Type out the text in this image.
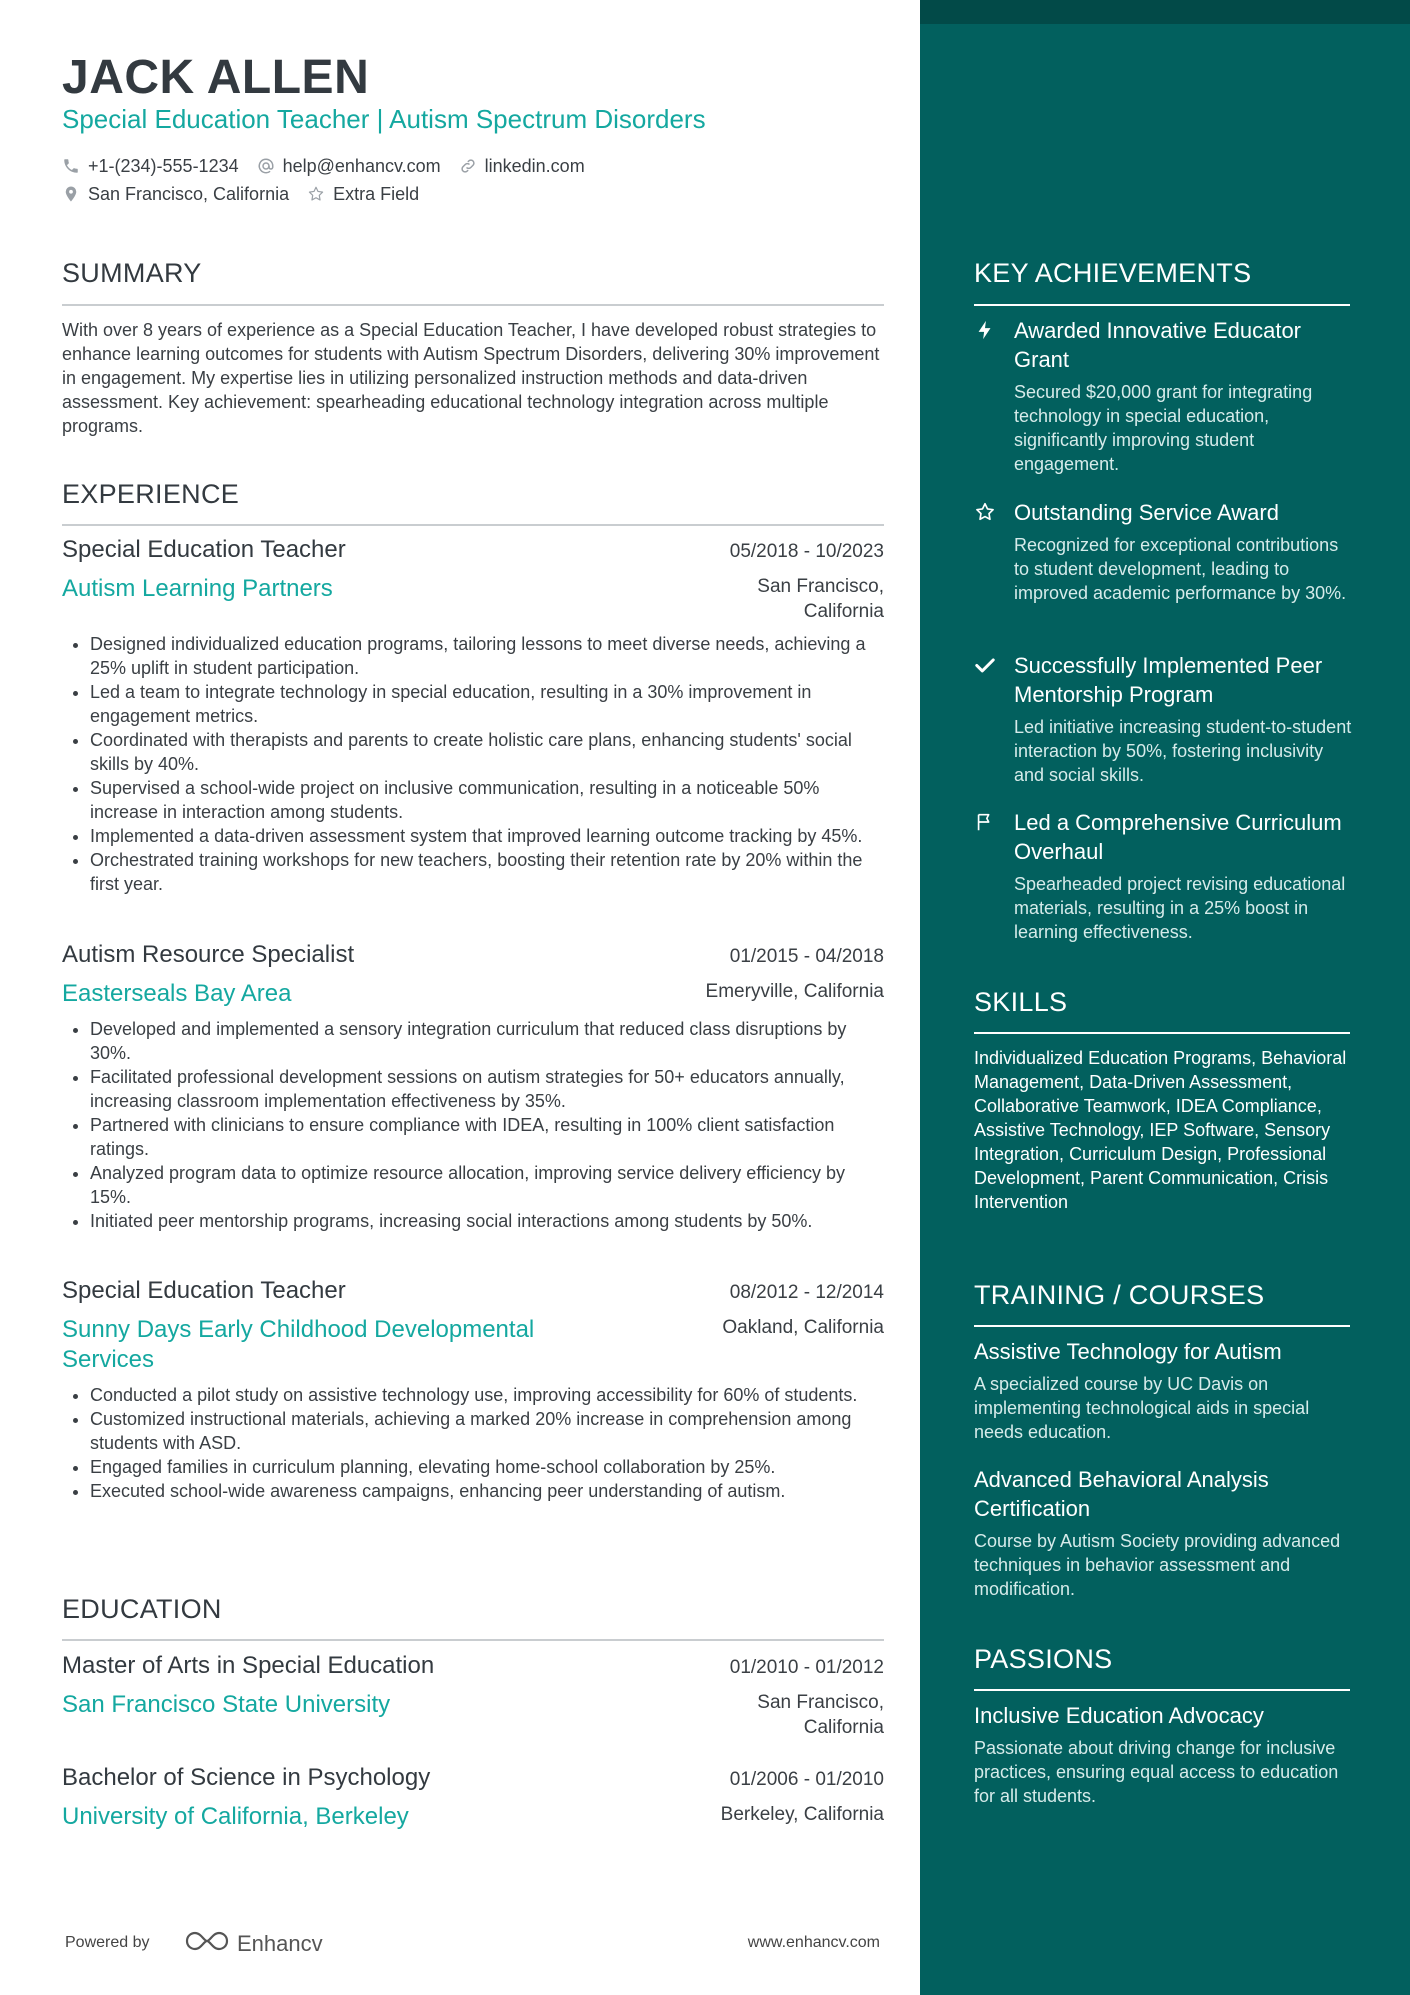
JACK ALLEN
Special Education Teacher | Autism Spectrum Disorders
+1-(234)-555-1234 help@enhancv.com linkedin.com
San Francisco, California Extra Field
SUMMARY
With over 8 years of experience as a Special Education Teacher, I have developed robust strategies to enhance learning outcomes for students with Autism Spectrum Disorders, delivering 30% improvement in engagement. My expertise lies in utilizing personalized instruction methods and data-driven assessment. Key achievement: spearheading educational technology integration across multiple programs.
EXPERIENCE
Special Education Teacher	05/2018 - 10/2023
Autism Learning Partners	San Francisco, California
• Designed individualized education programs, tailoring lessons to meet diverse needs, achieving a 25% uplift in student participation.
• Led a team to integrate technology in special education, resulting in a 30% improvement in engagement metrics.
• Coordinated with therapists and parents to create holistic care plans, enhancing students' social skills by 40%.
• Supervised a school-wide project on inclusive communication, resulting in a noticeable 50% increase in interaction among students.
• Implemented a data-driven assessment system that improved learning outcome tracking by 45%.
• Orchestrated training workshops for new teachers, boosting their retention rate by 20% within the first year.
Autism Resource Specialist	01/2015 - 04/2018
Easterseals Bay Area	Emeryville, California
• Developed and implemented a sensory integration curriculum that reduced class disruptions by 30%.
• Facilitated professional development sessions on autism strategies for 50+ educators annually, increasing classroom implementation effectiveness by 35%.
• Partnered with clinicians to ensure compliance with IDEA, resulting in 100% client satisfaction ratings.
• Analyzed program data to optimize resource allocation, improving service delivery efficiency by 15%.
• Initiated peer mentorship programs, increasing social interactions among students by 50%.
Special Education Teacher	08/2012 - 12/2014
Sunny Days Early Childhood Developmental Services
Oakland, California
• Conducted a pilot study on assistive technology use, improving accessibility for 60% of students.
• Customized instructional materials, achieving a marked 20% increase in comprehension among students with ASD.
• Engaged families in curriculum planning, elevating home-school collaboration by 25%.
• Executed school-wide awareness campaigns, enhancing peer understanding of autism.
EDUCATION
Master of Arts in Special Education	01/2010 - 01/2012
San Francisco State University	San Francisco, California
Bachelor of Science in Psychology	01/2006 - 01/2010
University of California, Berkeley	Berkeley, California
Powered by	Enhancv	www.enhancv.com
KEY ACHIEVEMENTS
Awarded Innovative Educator Grant
Secured $20,000 grant for integrating technology in special education, significantly improving student engagement.
Outstanding Service Award
Recognized for exceptional contributions to student development, leading to improved academic performance by 30%.
Successfully Implemented Peer Mentorship Program
Led initiative increasing student-to-student interaction by 50%, fostering inclusivity and social skills.
Led a Comprehensive Curriculum Overhaul
Spearheaded project revising educational materials, resulting in a 25% boost in learning effectiveness.
SKILLS
Individualized Education Programs, Behavioral Management, Data-Driven Assessment, Collaborative Teamwork, IDEA Compliance, Assistive Technology, IEP Software, Sensory Integration, Curriculum Design, Professional Development, Parent Communication, Crisis Intervention
TRAINING / COURSES
Assistive Technology for Autism
A specialized course by UC Davis on implementing technological aids in special needs education.
Advanced Behavioral Analysis Certification
Course by Autism Society providing advanced techniques in behavior assessment and modification.
PASSIONS
Inclusive Education Advocacy
Passionate about driving change for inclusive practices, ensuring equal access to education for all students.
